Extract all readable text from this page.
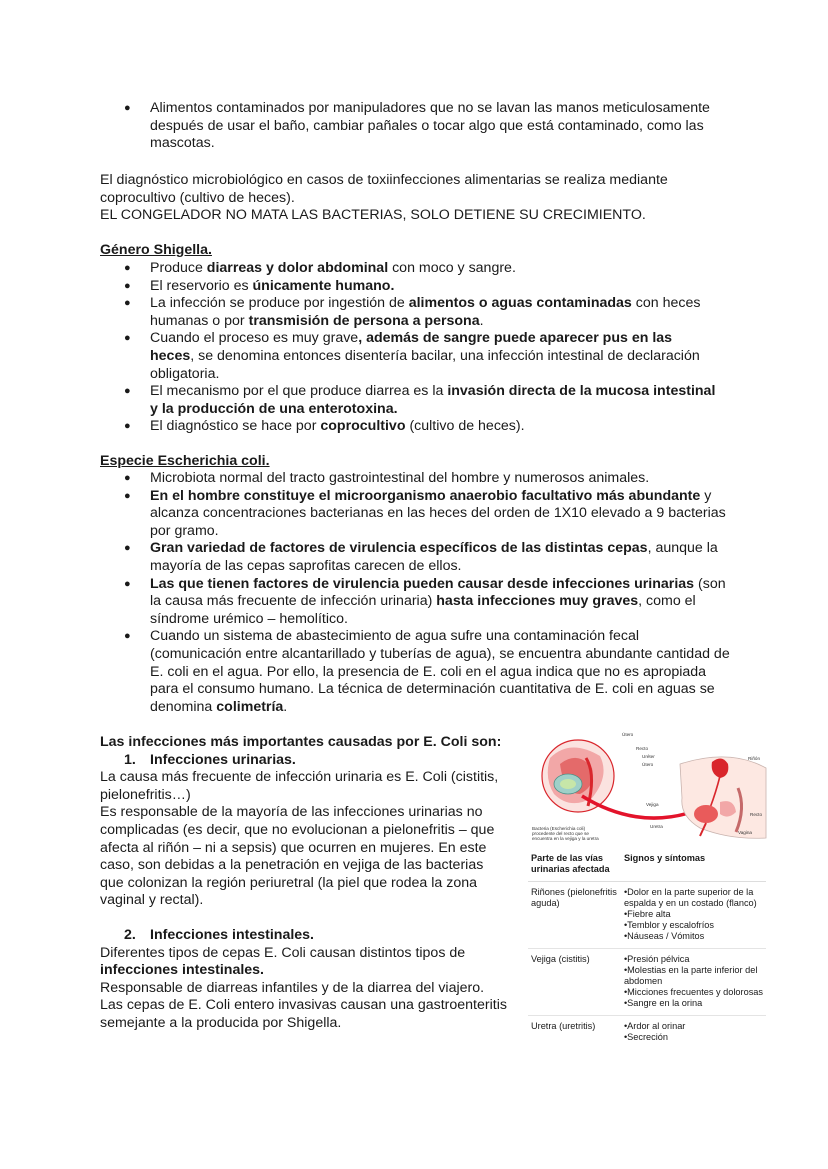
● Alimentos contaminados por manipuladores que no se lavan las manos meticulosamente después de usar el baño, cambiar pañales o tocar algo que está contaminado, como las mascotas.

El diagnóstico microbiológico en casos de toxiinfecciones alimentarias se realiza mediante coprocultivo (cultivo de heces).

EL CONGELADOR NO MATA LAS BACTERIAS, SOLO DETIENE SU CRECIMIENTO.

Género Shigella.
● Produce diarreas y dolor abdominal con moco y sangre.
● El reservorio es únicamente humano.
● La infección se produce por ingestión de alimentos o aguas contaminadas con heces humanas o por transmisión de persona a persona.
● Cuando el proceso es muy grave, además de sangre puede aparecer pus en las heces, se denomina entonces disentería bacilar, una infección intestinal de declaración obligatoria.
● El mecanismo por el que produce diarrea es la invasión directa de la mucosa intestinal y la producción de una enterotoxina.
● El diagnóstico se hace por coprocultivo (cultivo de heces).
Especie Escherichia coli.
● Microbiota normal del tracto gastrointestinal del hombre y numerosos animales.
● En el hombre constituye el microorganismo anaerobio facultativo más abundante y alcanza concentraciones bacterianas en las heces del orden de 1X10 elevado a 9 bacterias por gramo.
● Gran variedad de factores de virulencia específicos de las distintas cepas, aunque la mayoría de las cepas saprofitas carecen de ellos.
● Las que tienen factores de virulencia pueden causar desde infecciones urinarias (son la causa más frecuente de infección urinaria) hasta infecciones muy graves, como el síndrome urémico – hemolítico.
● Cuando un sistema de abastecimiento de agua sufre una contaminación fecal (comunicación entre alcantarillado y tuberías de agua), se encuentra abundante cantidad de E. coli en el agua. Por ello, la presencia de E. coli en el agua indica que no es apropiada para el consumo humano. La técnica de determinación cuantitativa de E. coli en aguas se denomina colimetría.

Las infecciones más importantes causadas por E. Coli son:

1. Infecciones urinarias.

La causa más frecuente de infección urinaria es E. Coli (cistitis, pielonefritis…)

Es responsable de la mayoría de las infecciones urinarias no complicadas (es decir, que no evolucionan a pielonefritis – que afecta al riñón – ni a sepsis) que ocurren en mujeres. En este caso, son debidas a la penetración en vejiga de las bacterias que colonizan la región periuretral (la piel que rodea la zona vaginal y rectal).

2. Infecciones intestinales.

Diferentes tipos de cepas E. Coli causan distintos tipos de infecciones intestinales.

Responsable de diarreas infantiles y de la diarrea del viajero.

Las cepas de E. Coli entero invasivas causan una gastroenteritis semejante a la producida por Shigella.

Útero
Recto
Uréter
Útero
Riñón
Vejiga
Uretra
Recto
Vagina
Bacteria (Escherichia coli)
procedente del recto que se
encuentra en la vejiga y la uretra
Parte de las vías urinarias afectada	Signos y síntomas
Riñones (pielonefritis aguda)	•Dolor en la parte superior de la
espalda y en un costado (flanco)
•Fiebre alta
•Temblor y escalofríos
•Náuseas / Vómitos

Vejiga (cistitis)	•Presión pélvica
•Molestias en la parte inferior del
abdomen
•Micciones frecuentes y dolorosas
•Sangre en la orina

Uretra (uretritis)	•Ardor al orinar
•Secreción
